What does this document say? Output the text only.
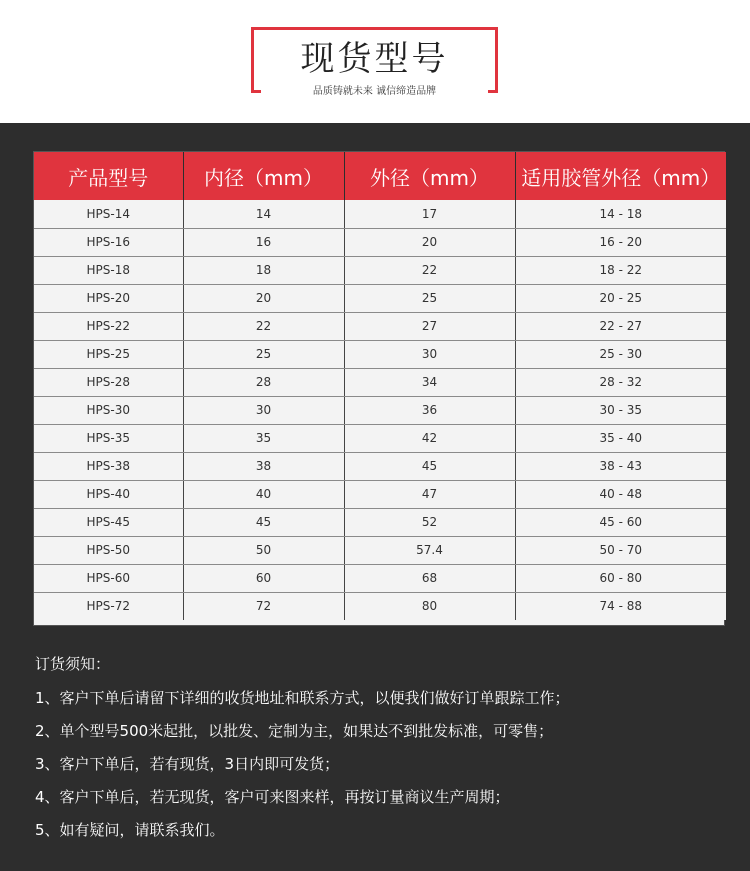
现货型号
品质铸就未来 诚信缔造品牌
产品型号	内径（mm）	外径（mm）	适用胶管外径（mm）
HPS-14	14	17	14 - 18
HPS-16	16	20	16 - 20
HPS-18	18	22	18 - 22
HPS-20	20	25	20 - 25
HPS-22	22	27	22 - 27
HPS-25	25	30	25 - 30
HPS-28	28	34	28 - 32
HPS-30	30	36	30 - 35
HPS-35	35	42	35 - 40
HPS-38	38	45	38 - 43
HPS-40	40	47	40 - 48
HPS-45	45	52	45 - 60
HPS-50	50	57.4	50 - 70
HPS-60	60	68	60 - 80
HPS-72	72	80	74 - 88
订货须知：
1、客户下单后请留下详细的收货地址和联系方式，以便我们做好订单跟踪工作；
2、单个型号500米起批，以批发、定制为主，如果达不到批发标准，可零售；
3、客户下单后，若有现货，3日内即可发货；
4、客户下单后，若无现货，客户可来图来样，再按订量商议生产周期；
5、如有疑问，请联系我们。
